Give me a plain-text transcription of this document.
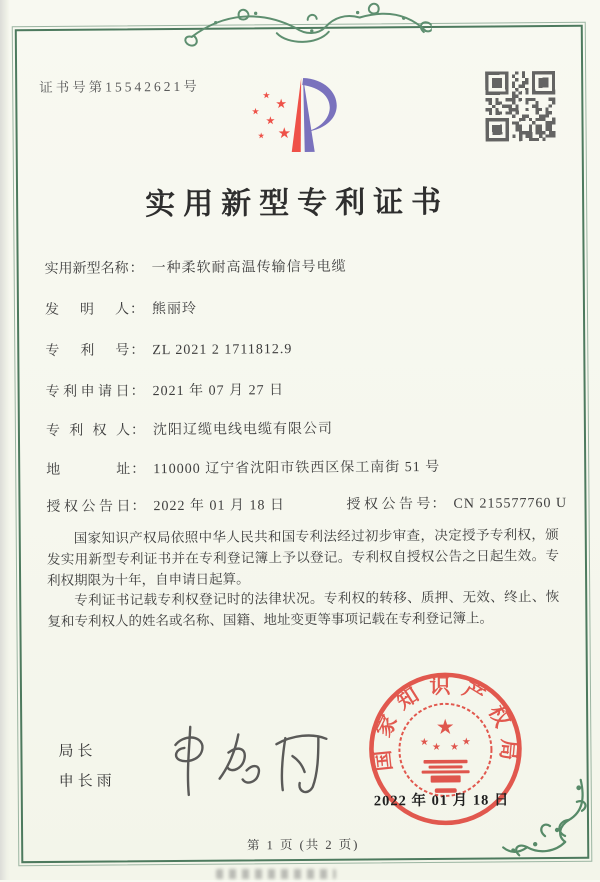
证书号第15542621号
★
★
★
★
★
★
实用新型专利证书
实用新型名称 ： 一种柔软耐高温传输信号电缆
发明人 ： 熊丽玲
专利号 ： ZL 2021 2 1711812.9
专利申请日 ： 2021 年 07 月 27 日
专利权人 ： 沈阳辽缆电线电缆有限公司
地址 ： 110000 辽宁省沈阳市铁西区保工南街 51 号
授权公告日 ： 2022 年 01 月 18 日	授权公告号 ： CN 215577760 U

国家知识产权局依照中华人民共和国专利法经过初步审查，决定授予专利权，颁发实用新型专利证书并在专利登记簿上予以登记。专利权自授权公告之日起生效。专利权期限为十年，自申请日起算。

专利证书记载专利权登记时的法律状况。专利权的转移、质押、无效、终止、恢复和专利权人的姓名或名称、国籍、地址变更等事项记载在专利登记簿上。

局长
申长雨
国家知识产权局
★
★ ★ ★ ★
2022 年 01 月 18 日
第 1 页 (共 2 页)
